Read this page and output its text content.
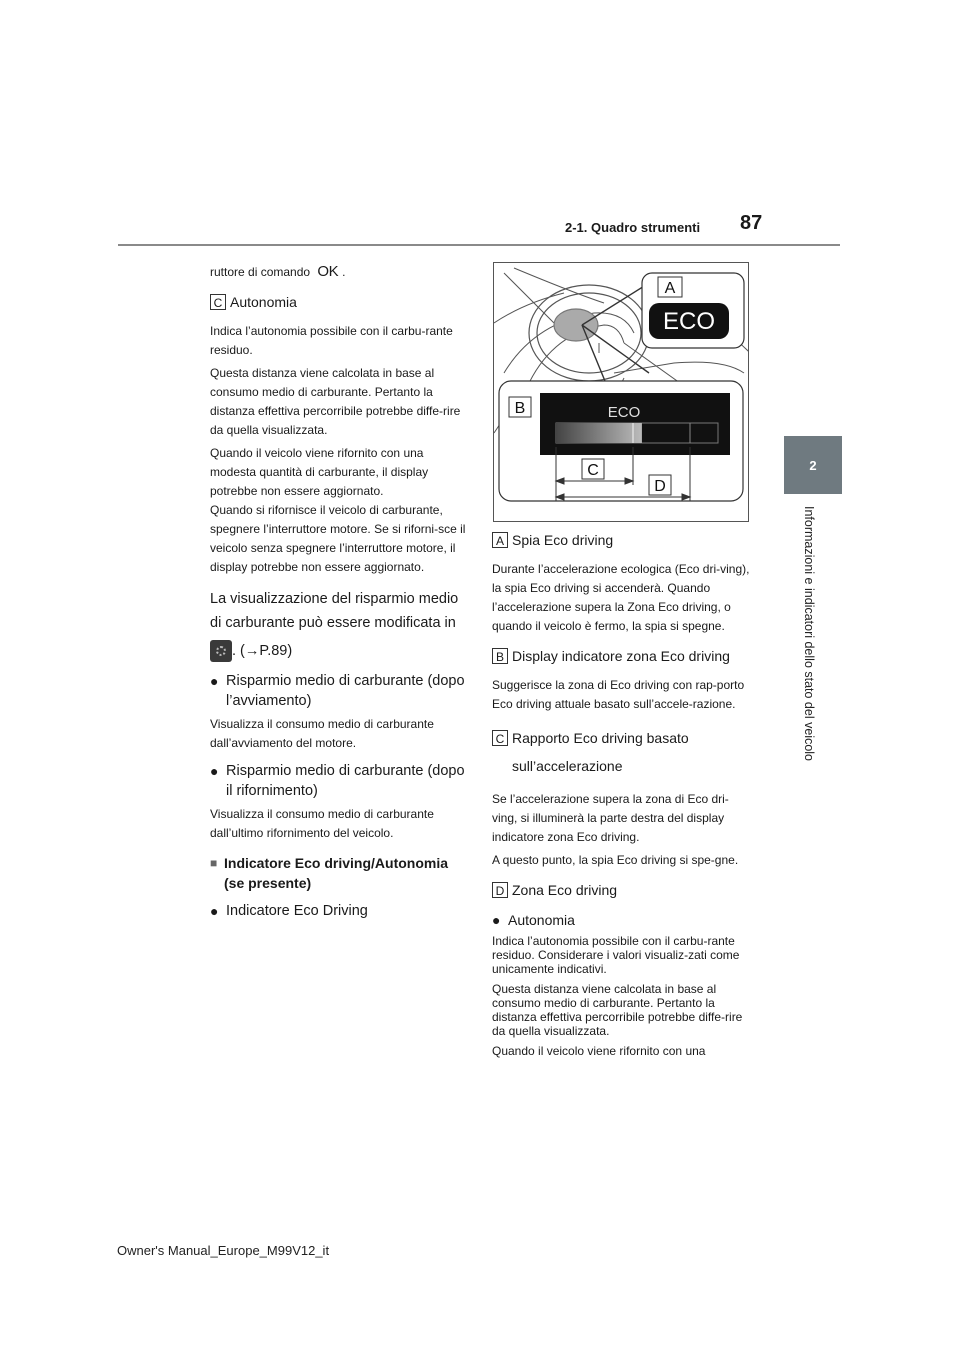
2-1. Quadro strumenti 87
2
Informazioni e indicatori dello stato del veicolo

ruttore di comando OK .

C Autonomia

Indica l’autonomia possibile con il carbu-rante residuo.

Questa distanza viene calcolata in base al consumo medio di carburante. Pertanto la distanza effettiva percorribile potrebbe diffe-rire da quella visualizzata.

Quando il veicolo viene rifornito con una modesta quantità di carburante, il display potrebbe non essere aggiornato.

Quando si rifornisce il veicolo di carburante, spegnere l’interruttore motore. Se si riforni-sce il veicolo senza spegnere l’interruttore motore, il display potrebbe non essere aggiornato.

La visualizzazione del risparmio medio di carburante può essere modificata in

. (→P.89)

● Risparmio medio di carburante (dopo l’avviamento)

Visualizza il consumo medio di carburante dall’avviamento del motore.

● Risparmio medio di carburante (dopo il rifornimento)

Visualizza il consumo medio di carburante dall’ultimo rifornimento del veicolo.

■ Indicatore Eco driving/Autonomia (se presente)
● Indicatore Eco Driving
A
ECO
B	ECO
C
D
A Spia Eco driving

Durante l’accelerazione ecologica (Eco dri-ving), la spia Eco driving si accenderà. Quando l’accelerazione supera la Zona Eco driving, o quando il veicolo è fermo, la spia si spegne.

B Display indicatore zona Eco driving

Suggerisce la zona di Eco driving con rap-porto Eco driving attuale basato sull’accele-razione.

C Rapporto Eco driving basato sull’accelerazione

Se l’accelerazione supera la zona di Eco dri-ving, si illuminerà la parte destra del display indicatore zona Eco driving.

A questo punto, la spia Eco driving si spe-gne.

D Zona Eco driving
● Autonomia

Indica l’autonomia possibile con il carbu-rante residuo. Considerare i valori visualiz-zati come unicamente indicativi.

Questa distanza viene calcolata in base al consumo medio di carburante. Pertanto la distanza effettiva percorribile potrebbe diffe-rire da quella visualizzata.

Quando il veicolo viene rifornito con una

Owner's Manual_Europe_M99V12_it
